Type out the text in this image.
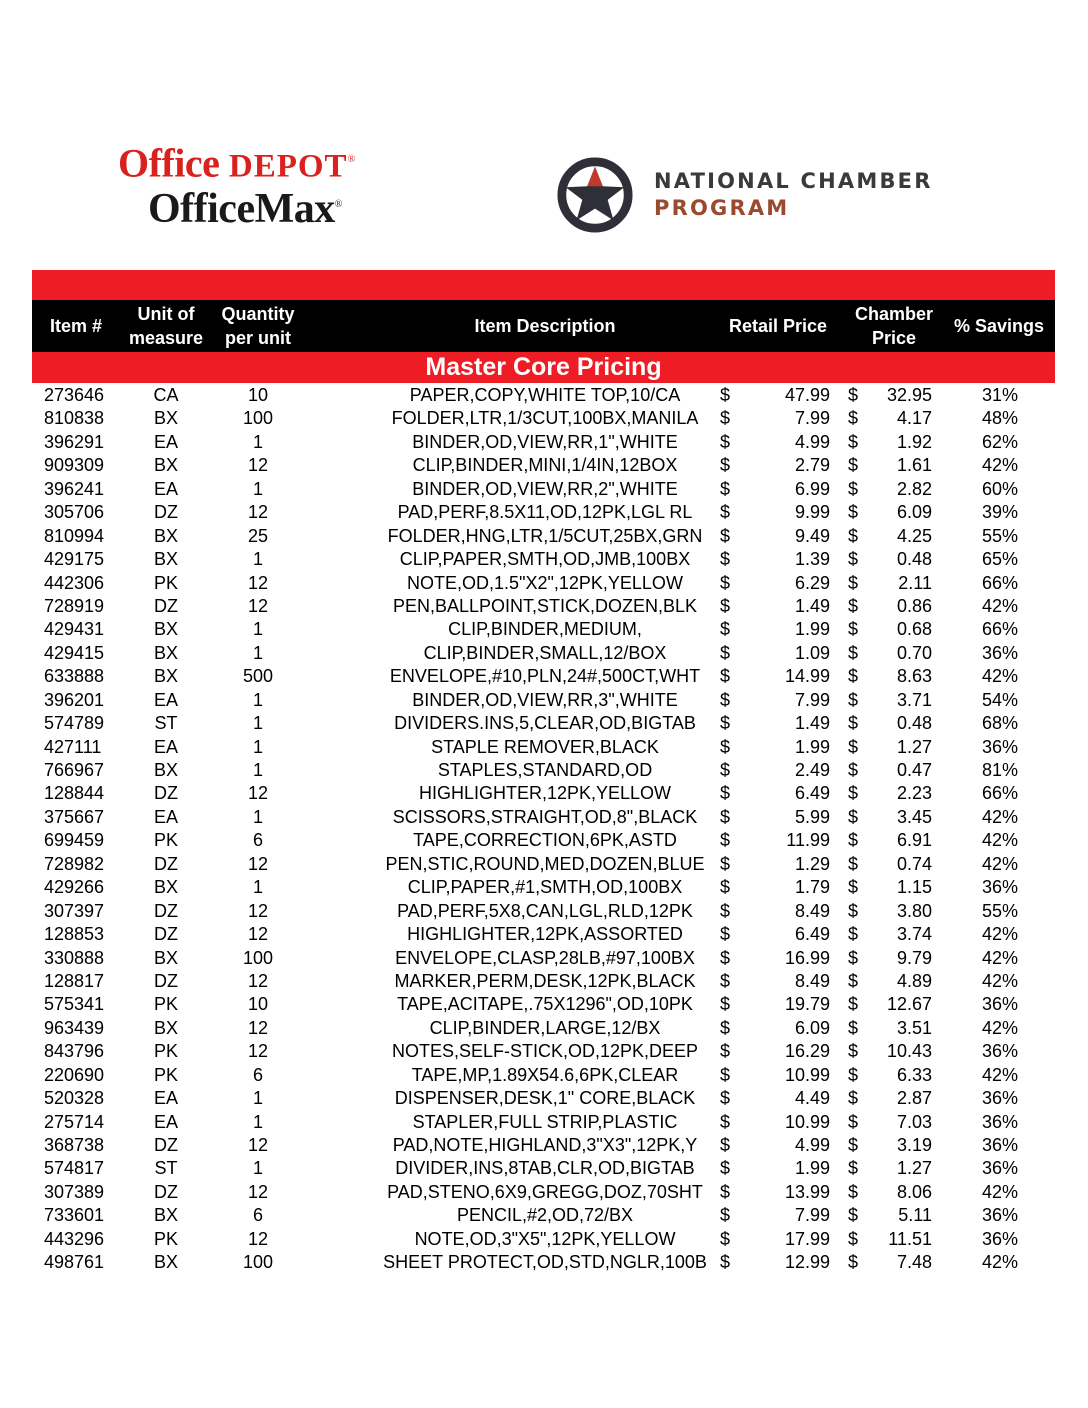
Office DEPOT®
OfficeMax®
NATIONAL CHAMBER
PROGRAM
Item #
Unit of
measure
Quantity
per unit
Item Description	Retail Price
Chamber
Price
% Savings
Master Core Pricing
273646	CA	10	PAPER,COPY,WHITE TOP,10/CA	$	47.99 $	32.95	31%
810838	BX	100	FOLDER,LTR,1/3CUT,100BX,MANILA	$	7.99 $	4.17	48%
396291	EA	1	BINDER,OD,VIEW,RR,1",WHITE	$	4.99 $	1.92	62%
909309	BX	12	CLIP,BINDER,MINI,1/4IN,12BOX	$	2.79 $	1.61	42%
396241	EA	1	BINDER,OD,VIEW,RR,2",WHITE	$	6.99 $	2.82	60%
305706	DZ	12	PAD,PERF,8.5X11,OD,12PK,LGL RL	$	9.99 $	6.09	39%
810994	BX	25	FOLDER,HNG,LTR,1/5CUT,25BX,GRN $	9.49 $	4.25	55%
429175	BX	1	CLIP,PAPER,SMTH,OD,JMB,100BX	$	1.39 $	0.48	65%
442306	PK	12	NOTE,OD,1.5"X2",12PK,YELLOW	$	6.29 $	2.11	66%
728919	DZ	12	PEN,BALLPOINT,STICK,DOZEN,BLK	$	1.49 $	0.86	42%
429431	BX	1	CLIP,BINDER,MEDIUM,	$	1.99 $	0.68	66%
429415	BX	1	CLIP,BINDER,SMALL,12/BOX	$	1.09 $	0.70	36%
633888	BX	500	ENVELOPE,#10,PLN,24#,500CT,WHT	$	14.99 $	8.63	42%
396201	EA	1	BINDER,OD,VIEW,RR,3",WHITE	$	7.99 $	3.71	54%
574789	ST	1	DIVIDERS.INS,5,CLEAR,OD,BIGTAB	$	1.49 $	0.48	68%
427111	EA	1	STAPLE REMOVER,BLACK	$	1.99 $	1.27	36%
766967	BX	1	STAPLES,STANDARD,OD	$	2.49 $	0.47	81%
128844	DZ	12	HIGHLIGHTER,12PK,YELLOW	$	6.49 $	2.23	66%
375667	EA	1	SCISSORS,STRAIGHT,OD,8",BLACK	$	5.99 $	3.45	42%
699459	PK	6	TAPE,CORRECTION,6PK,ASTD	$	11.99 $	6.91	42%
728982	DZ	12	PEN,STIC,ROUND,MED,DOZEN,BLUE $	1.29 $	0.74	42%
429266	BX	1	CLIP,PAPER,#1,SMTH,OD,100BX	$	1.79 $	1.15	36%
307397	DZ	12	PAD,PERF,5X8,CAN,LGL,RLD,12PK	$	8.49 $	3.80	55%
128853	DZ	12	HIGHLIGHTER,12PK,ASSORTED	$	6.49 $	3.74	42%
330888	BX	100	ENVELOPE,CLASP,28LB,#97,100BX	$	16.99 $	9.79	42%
128817	DZ	12	MARKER,PERM,DESK,12PK,BLACK	$	8.49 $	4.89	42%
575341	PK	10	TAPE,ACITAPE,.75X1296",OD,10PK	$	19.79 $	12.67	36%
963439	BX	12	CLIP,BINDER,LARGE,12/BX	$	6.09 $	3.51	42%
843796	PK	12	NOTES,SELF-STICK,OD,12PK,DEEP	$	16.29 $	10.43	36%
220690	PK	6	TAPE,MP,1.89X54.6,6PK,CLEAR	$	10.99 $	6.33	42%
520328	EA	1	DISPENSER,DESK,1" CORE,BLACK	$	4.49 $	2.87	36%
275714	EA	1	STAPLER,FULL STRIP,PLASTIC	$	10.99 $	7.03	36%
368738	DZ	12	PAD,NOTE,HIGHLAND,3"X3",12PK,Y	$	4.99 $	3.19	36%
574817	ST	1	DIVIDER,INS,8TAB,CLR,OD,BIGTAB	$	1.99 $	1.27	36%
307389	DZ	12	PAD,STENO,6X9,GREGG,DOZ,70SHT $	13.99 $	8.06	42%
733601	BX	6	PENCIL,#2,OD,72/BX	$	7.99 $	5.11	36%
443296	PK	12	NOTE,OD,3"X5",12PK,YELLOW	$	17.99 $	11.51	36%
498761	BX	100	SHEET PROTECT,OD,STD,NGLR,100B $	12.99 $	7.48	42%
